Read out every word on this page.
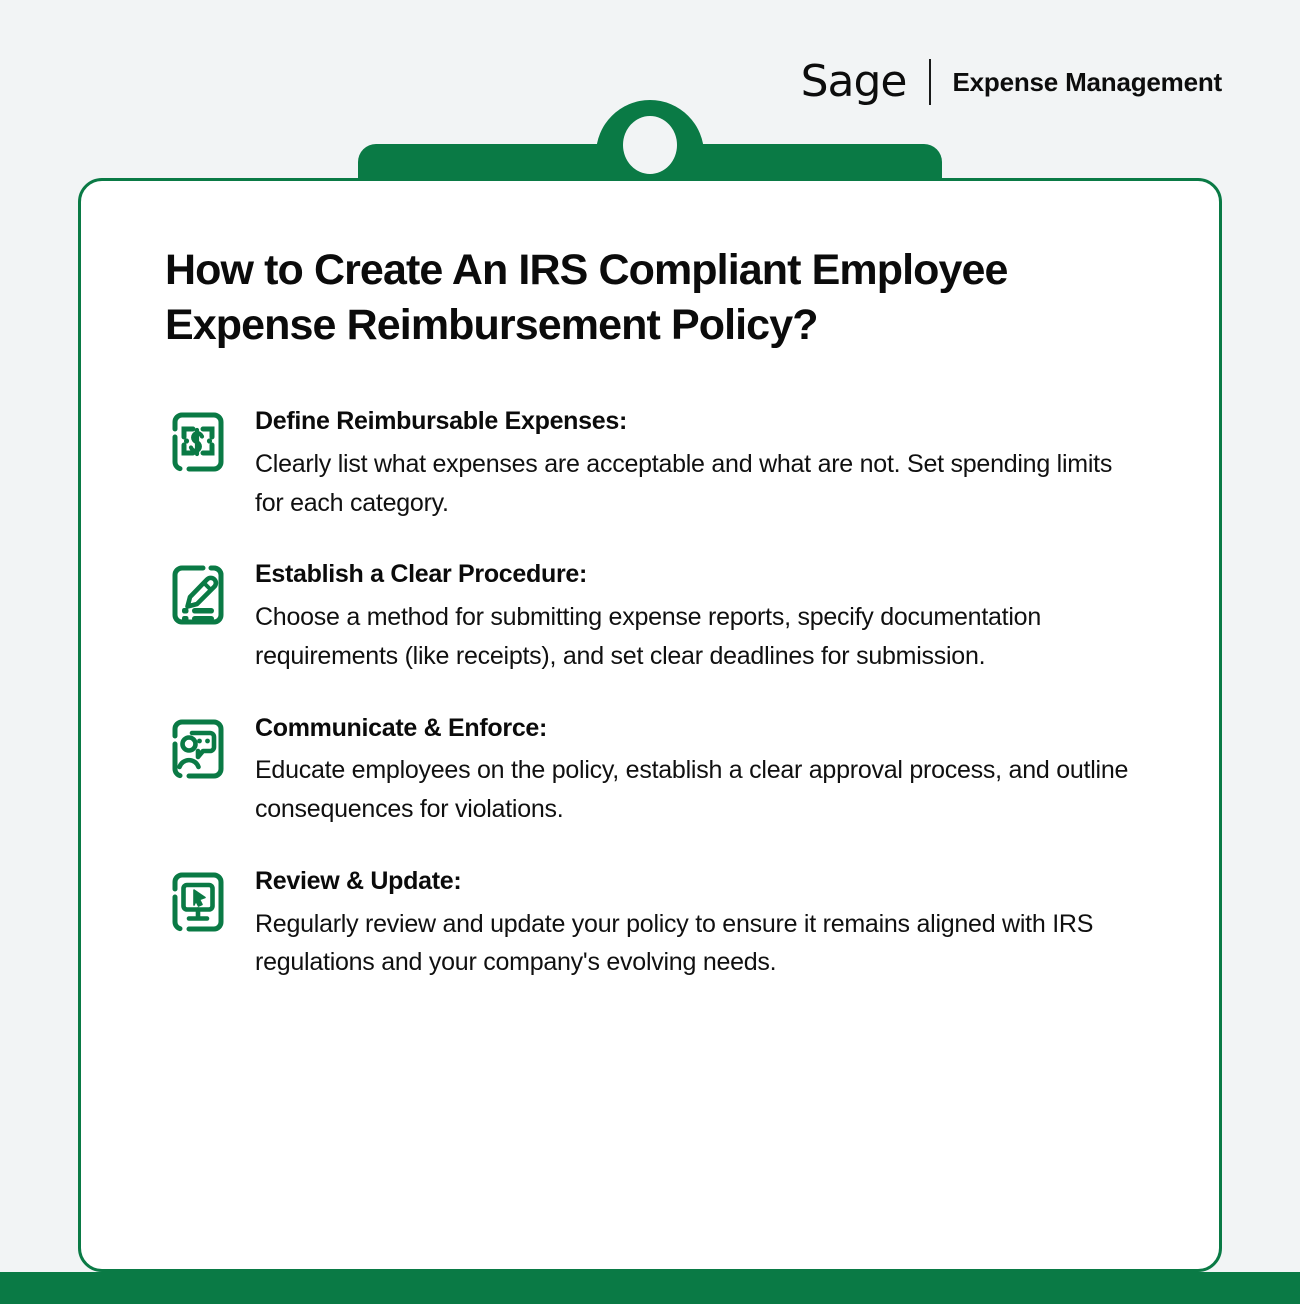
Sage Expense Management
How to Create An IRS Compliant Employee Expense Reimbursement Policy?
Define Reimbursable Expenses:
Clearly list what expenses are acceptable and what are not. Set spending limits for each category.
Establish a Clear Procedure:
Choose a method for submitting expense reports, specify documentation requirements (like receipts), and set clear deadlines for submission.
Communicate & Enforce:
Educate employees on the policy, establish a clear approval process, and outline consequences for violations.
Review & Update:
Regularly review and update your policy to ensure it remains aligned with IRS regulations and your company's evolving needs.
